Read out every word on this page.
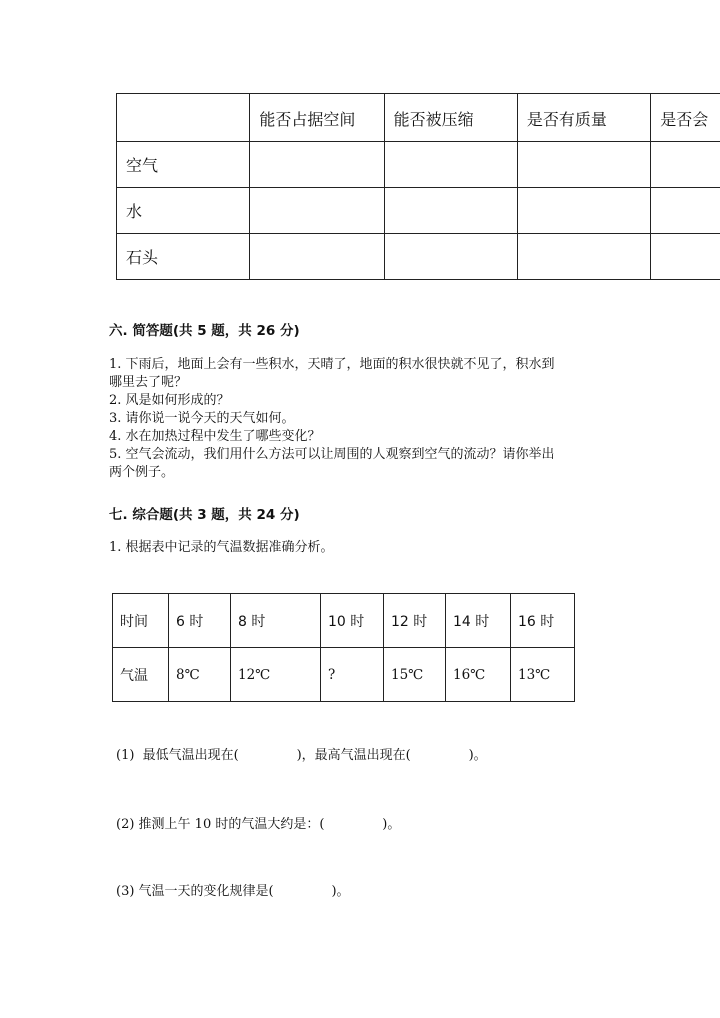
	能否占据空间	能否被压缩	是否有质量	是否会
空气				
水				
石头				
六. 简答题(共 5 题，共 26 分)
1. 下雨后，地面上会有一些积水，天晴了，地面的积水很快就不见了，积水到
哪里去了呢？
2. 风是如何形成的？
3. 请你说一说今天的天气如何。
4. 水在加热过程中发生了哪些变化？
5. 空气会流动，我们用什么方法可以让周围的人观察到空气的流动？请你举出
两个例子。
七. 综合题(共 3 题，共 24 分)
1. 根据表中记录的气温数据准确分析。
时间	6 时	8 时	10 时	12 时	14 时	16 时
气温	8℃	12℃	?	15℃	16℃	13℃
(1)  最低气温出现在(              )，最高气温出现在(              )。
(2) 推测上午 10 时的气温大约是：(              )。
(3) 气温一天的变化规律是(              )。
